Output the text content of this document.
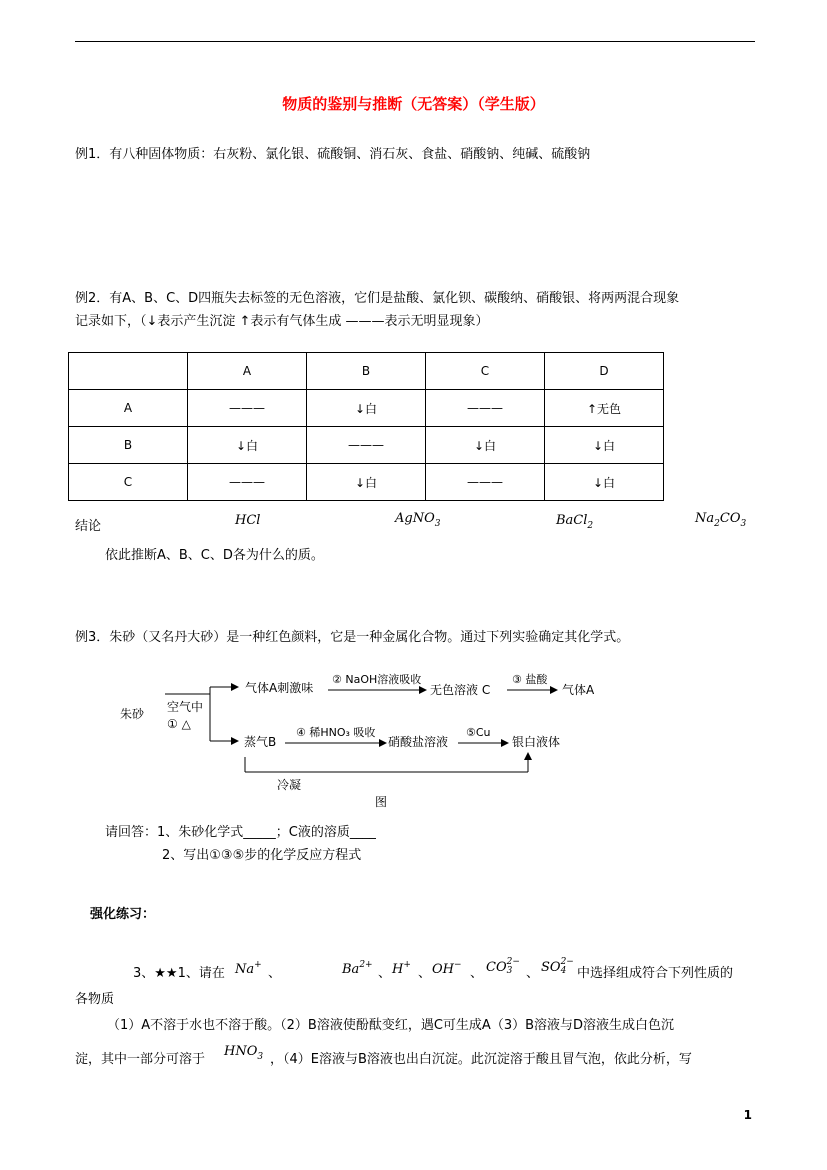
物质的鉴别与推断（无答案）（学生版）
例1．有八种固体物质：右灰粉、氯化银、硫酸铜、消石灰、食盐、硝酸钠、纯碱、硫酸钠
例2．有A、B、C、D四瓶失去标签的无色溶液，它们是盐酸、氯化钡、碳酸纳、硝酸银、将两两混合现象
记录如下，（↓表示产生沉淀 ↑表示有气体生成 ———表示无明显现象）
	A	B	C	D
A	———	↓白	———	↑无色
B	↓白	———	↓白	↓白
C	———	↓白	———	↓白
结论	HCl	AgNO$_3$	BaCl$_2$	$Na_2CO_3$
依此推断A、B、C、D各为什么的质。
例3．朱砂（又名丹大砂）是一种红色颜料，它是一种金属化合物。通过下列实验确定其化学式。
朱砂 空气中
① △
气体A刺激味
② NaOH溶液吸收
无色溶液 C
③ 盐酸
气体A
蒸气B
④ 稀HNO₃ 吸收
硝酸盐溶液
⑤Cu
银白液体
冷凝
图
请回答：1、朱砂化学式_____；C液的溶质____
2、写出①③⑤步的化学反应方程式
强化练习：
3、★★1、请在 Na+
、	$Ba^{2+}$
、 H+
、 OH−
、 CO 2−
3	、 SO 2−
4 中选择组成符合下列性质的
各物质
（1）A不溶于水也不溶于酸。（2）B溶液使酚酞变红，遇C可生成A（3）B溶液与D溶液生成白色沉
淀，其中一部分可溶于
$HNO_3$ ，（4）E溶液与B溶液也出白沉淀。此沉淀溶于酸且冒气泡，依此分析，写
1
